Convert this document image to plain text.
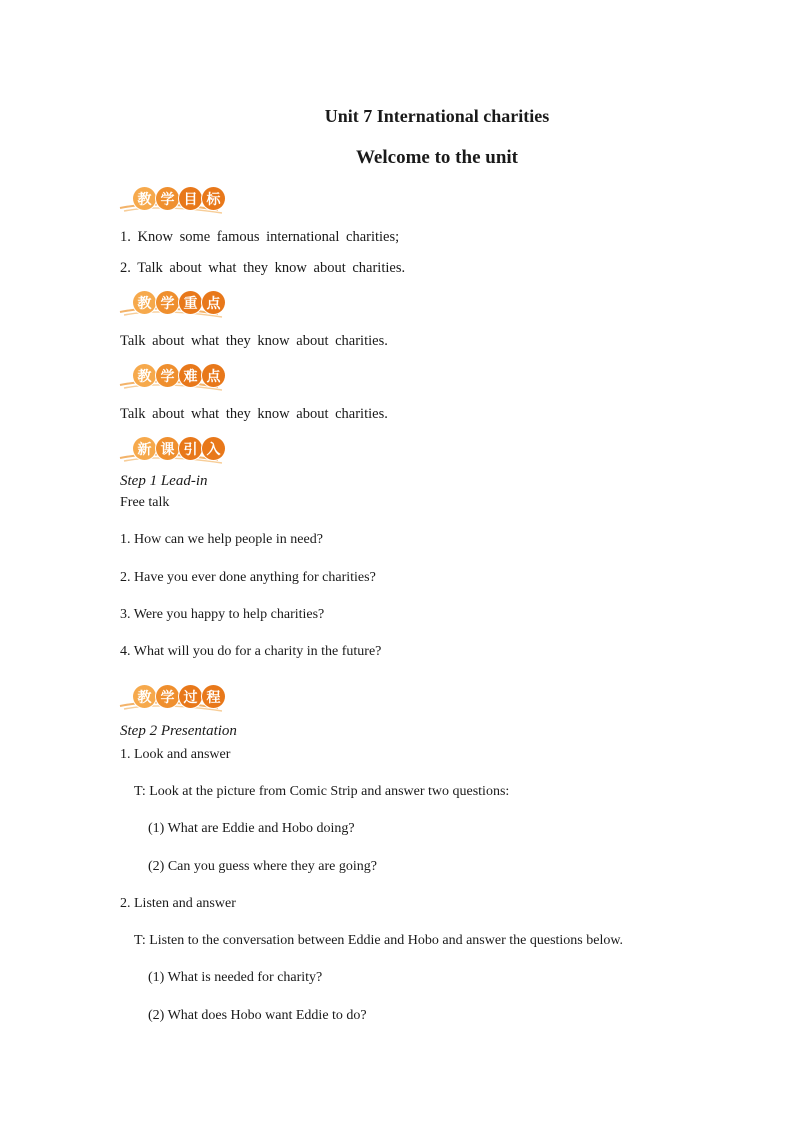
Unit 7 International charities
Welcome to the unit
教 学 目 标
1. Know some famous international charities;
2. Talk about what they know about charities.
教 学 重 点
Talk about what they know about charities.
教 学 难 点
Talk about what they know about charities.
新 课 引 入
Step 1 Lead-in
Free talk
1. How can we help people in need?
2. Have you ever done anything for charities?
3. Were you happy to help charities?
4. What will you do for a charity in the future?
教 学 过 程
Step 2 Presentation
1. Look and answer
T: Look at the picture from Comic Strip and answer two questions:
(1) What are Eddie and Hobo doing?
(2) Can you guess where they are going?
2. Listen and answer
T: Listen to the conversation between Eddie and Hobo and answer the questions below.
(1) What is needed for charity?
(2) What does Hobo want Eddie to do?
